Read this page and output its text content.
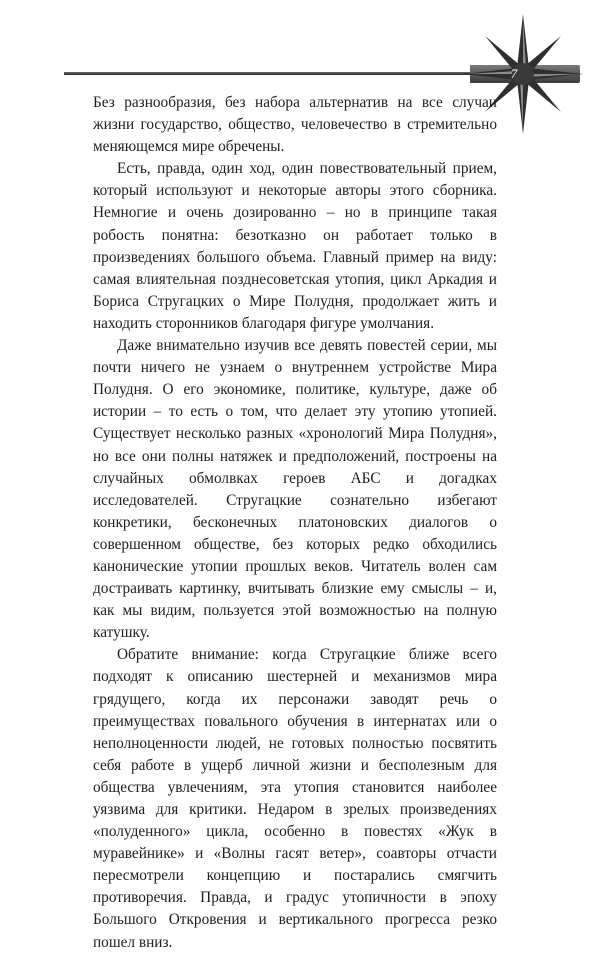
7

Без разнообразия, без набора альтернатив на все случаи жизни государство, общество, человечество в стремительно меняющемся мире обречены.

Есть, правда, один ход, один повествовательный прием, который используют и некоторые авторы этого сборника. Немногие и очень дозированно – но в принципе такая робость понятна: безотказно он работает только в произведениях большого объема. Главный пример на виду: самая влиятельная позднесоветская утопия, цикл Аркадия и Бориса Стругацких о Мире Полудня, продолжает жить и находить сторонников благодаря фигуре умолчания.

Даже внимательно изучив все девять повестей серии, мы почти ничего не узнаем о внутреннем устройстве Мира Полудня. О его экономике, политике, культуре, даже об истории – то есть о том, что делает эту утопию утопией. Существует несколько разных «хронологий Мира Полудня», но все они полны натяжек и предположений, построены на случайных обмолвках героев АБС и догадках исследователей. Стругацкие сознательно избегают конкретики, бесконечных платоновских диалогов о совершенном обществе, без которых редко обходились канонические утопии прошлых веков. Читатель волен сам достраивать картинку, вчитывать близкие ему смыслы – и, как мы видим, пользуется этой возможностью на полную катушку.

Обратите внимание: когда Стругацкие ближе всего подходят к описанию шестерней и механизмов мира грядущего, когда их персонажи заводят речь о преимуществах повального обучения в интернатах или о неполноценности людей, не готовых полностью посвятить себя работе в ущерб личной жизни и бесполезным для общества увлечениям, эта утопия становится наиболее уязвима для критики. Недаром в зрелых произведениях «полуденного» цикла, особенно в повестях «Жук в муравейнике» и «Волны гасят ветер», соавторы отчасти пересмотрели концепцию и постарались смягчить противоречия. Правда, и градус утопичности в эпоху Большого Откровения и вертикального прогресса резко пошел вниз.
